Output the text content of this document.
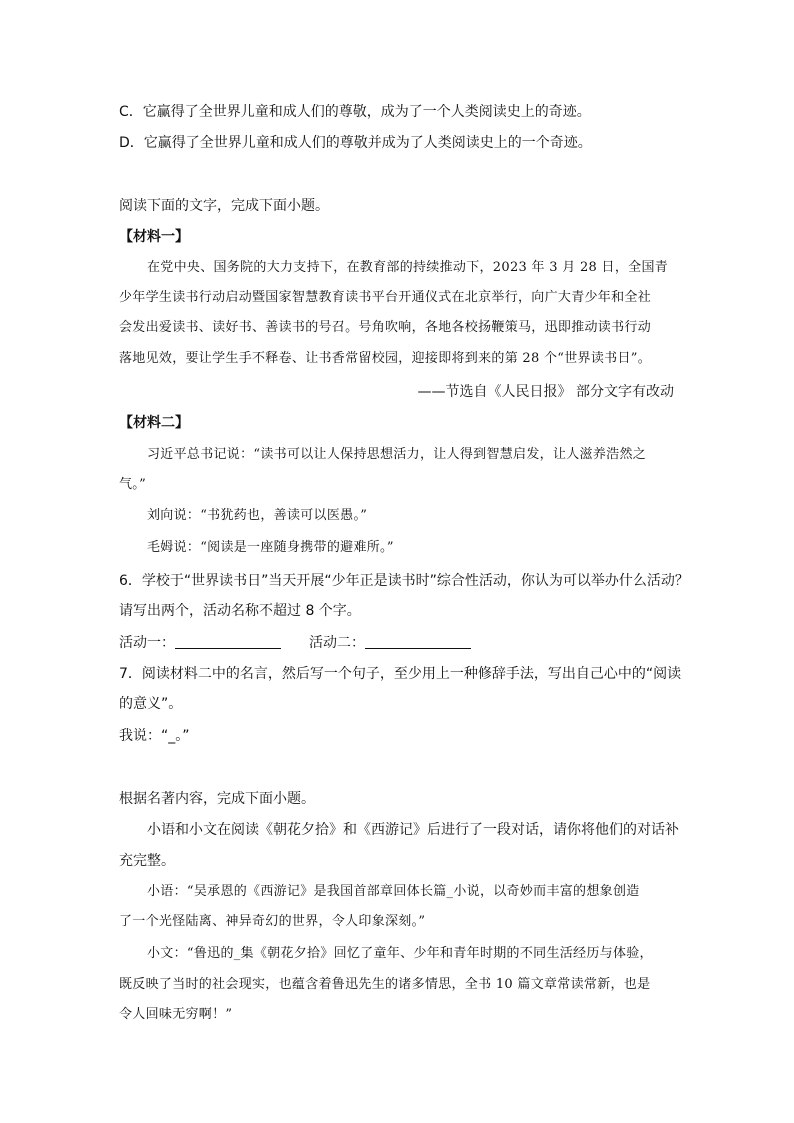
C．它赢得了全世界儿童和成人们的尊敬，成为了一个人类阅读史上的奇迹。
D．它赢得了全世界儿童和成人们的尊敬并成为了人类阅读史上的一个奇迹。
阅读下面的文字，完成下面小题。
【材料一】
在党中央、国务院的大力支持下，在教育部的持续推动下，2023 年 3 月 28 日，全国青
少年学生读书行动启动暨国家智慧教育读书平台开通仪式在北京举行，向广大青少年和全社
会发出爱读书、读好书、善读书的号召。号角吹响，各地各校扬鞭策马，迅即推动读书行动
落地见效，要让学生手不释卷、让书香常留校园，迎接即将到来的第 28 个“世界读书日”。
——节选自《人民日报》 部分文字有改动
【材料二】
习近平总书记说：“读书可以让人保持思想活力，让人得到智慧启发，让人滋养浩然之
气。”
刘向说：“书犹药也，善读可以医愚。”
毛姆说：“阅读是一座随身携带的避难所。”
6．学校于“世界读书日”当天开展“少年正是读书时”综合性活动，你认为可以举办什么活动？
请写出两个，活动名称不超过 8 个字。
活动一：	活动二：
7．阅读材料二中的名言，然后写一个句子，至少用上一种修辞手法，写出自己心中的“阅读
的意义”。
我说：“_。”
根据名著内容，完成下面小题。
小语和小文在阅读《朝花夕拾》和《西游记》后进行了一段对话，请你将他们的对话补
充完整。
小语：“吴承恩的《西游记》是我国首部章回体长篇_小说，以奇妙而丰富的想象创造
了一个光怪陆离、神异奇幻的世界，令人印象深刻。”
小文：“鲁迅的_集《朝花夕拾》回忆了童年、少年和青年时期的不同生活经历与体验，
既反映了当时的社会现实，也蕴含着鲁迅先生的诸多情思，全书 10 篇文章常读常新，也是
令人回味无穷啊！”
